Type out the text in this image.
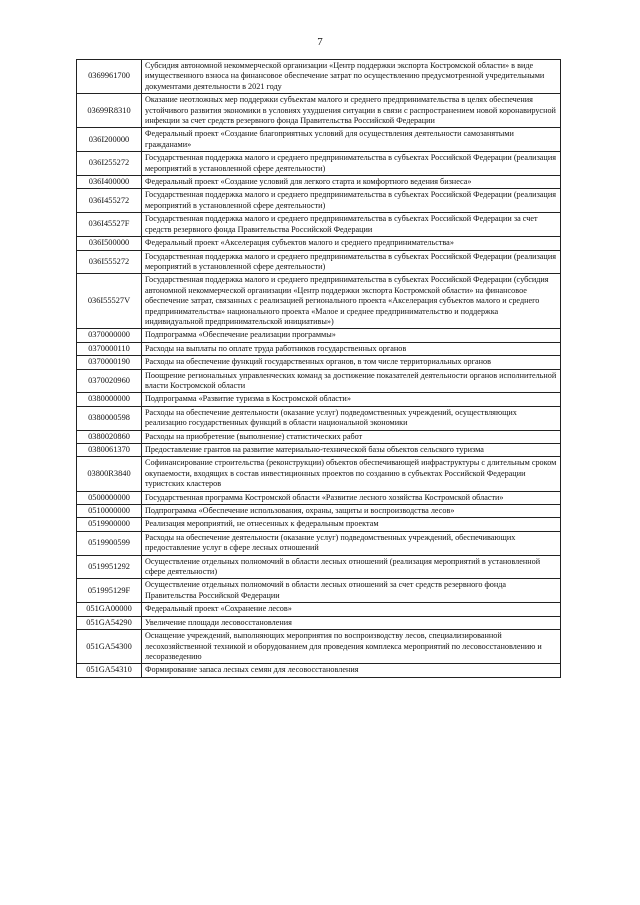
7
0369961700	Субсидия автономной некоммерческой организации «Центр поддержки экспорта Костромской области» в виде имущественного взноса на финансовое обеспечение затрат по осуществлению предусмотренной учредительными документами деятельности в 2021 году
03699R8310	Оказание неотложных мер поддержки субъектам малого и среднего предпринимательства в целях обеспечения устойчивого развития экономики в условиях ухудшения ситуации в связи с распространением новой коронавирусной инфекции за счет средств резервного фонда Правительства Российской Федерации
036I200000	Федеральный проект «Создание благоприятных условий для осуществления деятельности самозанятыми гражданами»
036I255272	Государственная поддержка малого и среднего предпринимательства в субъектах Российской Федерации (реализация мероприятий в установленной сфере деятельности)
036I400000	Федеральный проект «Создание условий для легкого старта и комфортного ведения бизнеса»
036I455272	Государственная поддержка малого и среднего предпринимательства в субъектах Российской Федерации (реализация мероприятий в установленной сфере деятельности)
036I45527F	Государственная поддержка малого и среднего предпринимательства в субъектах Российской Федерации за счет средств резервного фонда Правительства Российской Федерации
036I500000	Федеральный проект «Акселерация субъектов малого и среднего предпринимательства»
036I555272	Государственная поддержка малого и среднего предпринимательства в субъектах Российской Федерации (реализация мероприятий в установленной сфере деятельности)
036I55527V	Государственная поддержка малого и среднего предпринимательства в субъектах Российской Федерации (субсидия автономной некоммерческой организации «Центр поддержки экспорта Костромской области» на финансовое обеспечение затрат, связанных с реализацией регионального проекта «Акселерация субъектов малого и среднего предпринимательства» национального проекта «Малое и среднее предпринимательство и поддержка индивидуальной предпринимательской инициативы»)
0370000000	Подпрограмма «Обеспечение реализации программы»
0370000110	Расходы на выплаты по оплате труда работников государственных органов
0370000190	Расходы на обеспечение функций государственных органов, в том числе территориальных органов
0370020960	Поощрение региональных управленческих команд за достижение показателей деятельности органов исполнительной власти Костромской области
0380000000	Подпрограмма «Развитие туризма в Костромской области»
0380000598	Расходы на обеспечение деятельности (оказание услуг) подведомственных учреждений, осуществляющих реализацию государственных функций в области национальной экономики
0380020860	Расходы на приобретение (выполнение) статистических работ
0380061370	Предоставление грантов на развитие материально-технической базы объектов сельского туризма
03800R3840	Софинансирование строительства (реконструкции) объектов обеспечивающей инфраструктуры с длительным сроком окупаемости, входящих в состав инвестиционных проектов по созданию в субъектах Российской Федерации туристских кластеров
0500000000	Государственная программа Костромской области «Развитие лесного хозяйства Костромской области»
0510000000	Подпрограмма «Обеспечение использования, охраны, защиты и воспроизводства лесов»
0519900000	Реализация мероприятий, не отнесенных к федеральным проектам
0519900599	Расходы на обеспечение деятельности (оказание услуг) подведомственных учреждений, обеспечивающих предоставление услуг в сфере лесных отношений
0519951292	Осуществление отдельных полномочий в области лесных отношений (реализация мероприятий в установленной сфере деятельности)
051995129F	Осуществление отдельных полномочий в области лесных отношений за счет средств резервного фонда Правительства Российской Федерации
051GA00000	Федеральный проект «Сохранение лесов»
051GA54290	Увеличение площади лесовосстановления
051GA54300	Оснащение учреждений, выполняющих мероприятия по воспроизводству лесов, специализированной лесохозяйственной техникой и оборудованием для проведения комплекса мероприятий по лесовосстановлению и лесоразведению
051GA54310	Формирование запаса лесных семян для лесовосстановления
